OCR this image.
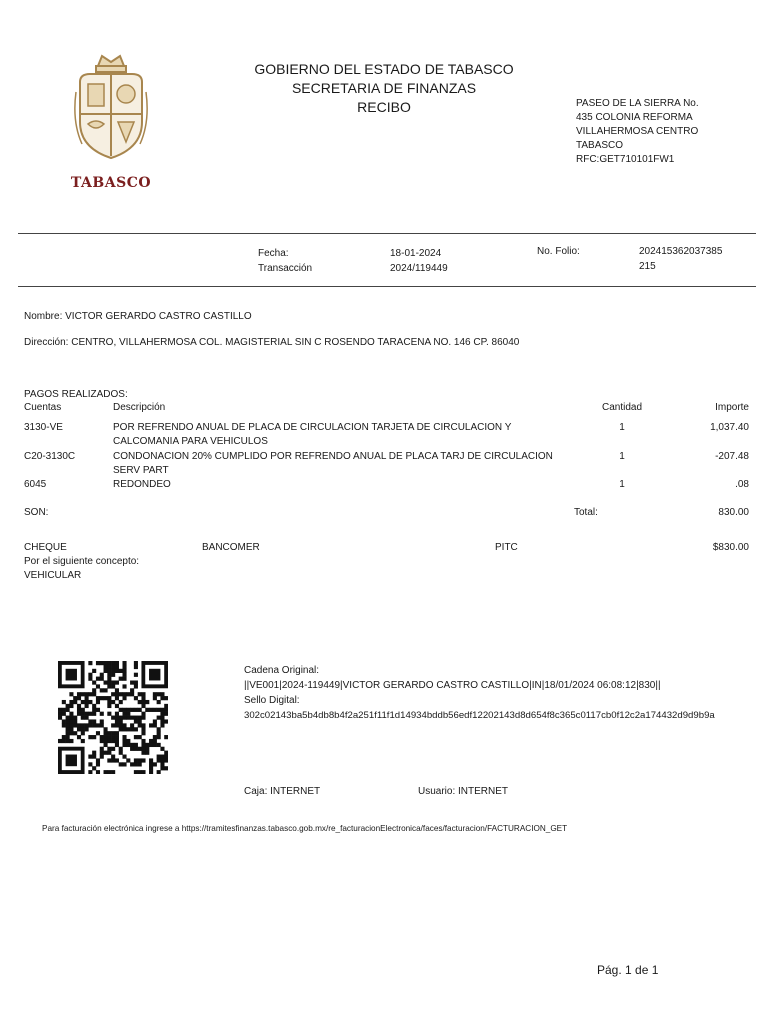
TABASCO
GOBIERNO DEL ESTADO DE TABASCO
SECRETARIA DE FINANZAS
RECIBO	PASEO DE LA SIERRA No.
435 COLONIA REFORMA
VILLAHERMOSA CENTRO
TABASCO
RFC:GET710101FW1
Fecha:	18-01-2024
Transacción	2024/119449
No. Folio:	202415362037385
215
Nombre: VICTOR GERARDO CASTRO CASTILLO
Dirección: CENTRO, VILLAHERMOSA COL. MAGISTERIAL SIN C ROSENDO TARACENA NO. 146 CP. 86040
PAGOS REALIZADOS:
Cuentas	Descripción	Cantidad	Importe
3130-VE	POR REFRENDO ANUAL DE PLACA DE CIRCULACION TARJETA DE CIRCULACION Y
CALCOMANIA PARA VEHICULOS
1	1,037.40
C20-3130C	CONDONACION 20% CUMPLIDO POR REFRENDO ANUAL DE PLACA TARJ DE CIRCULACION
SERV PART
1	-207.48
6045	REDONDEO	1	.08
SON:	Total:	830.00
CHEQUE	BANCOMER	PITC	$830.00
Por el siguiente concepto:
VEHICULAR
Cadena Original:
||VE001|2024-119449|VICTOR GERARDO CASTRO CASTILLO|IN|18/01/2024 06:08:12|830||
Sello Digital:
302c02143ba5b4db8b4f2a251f11f1d14934bddb56edf12202143d8d654f8c365c0117cb0f12c2a174432d9d9b9a
Caja: INTERNET	Usuario: INTERNET
Para facturación electrónica ingrese a https://tramitesfinanzas.tabasco.gob.mx/re_facturacionElectronica/faces/facturacion/FACTURACION_GET
Pág. 1 de 1
